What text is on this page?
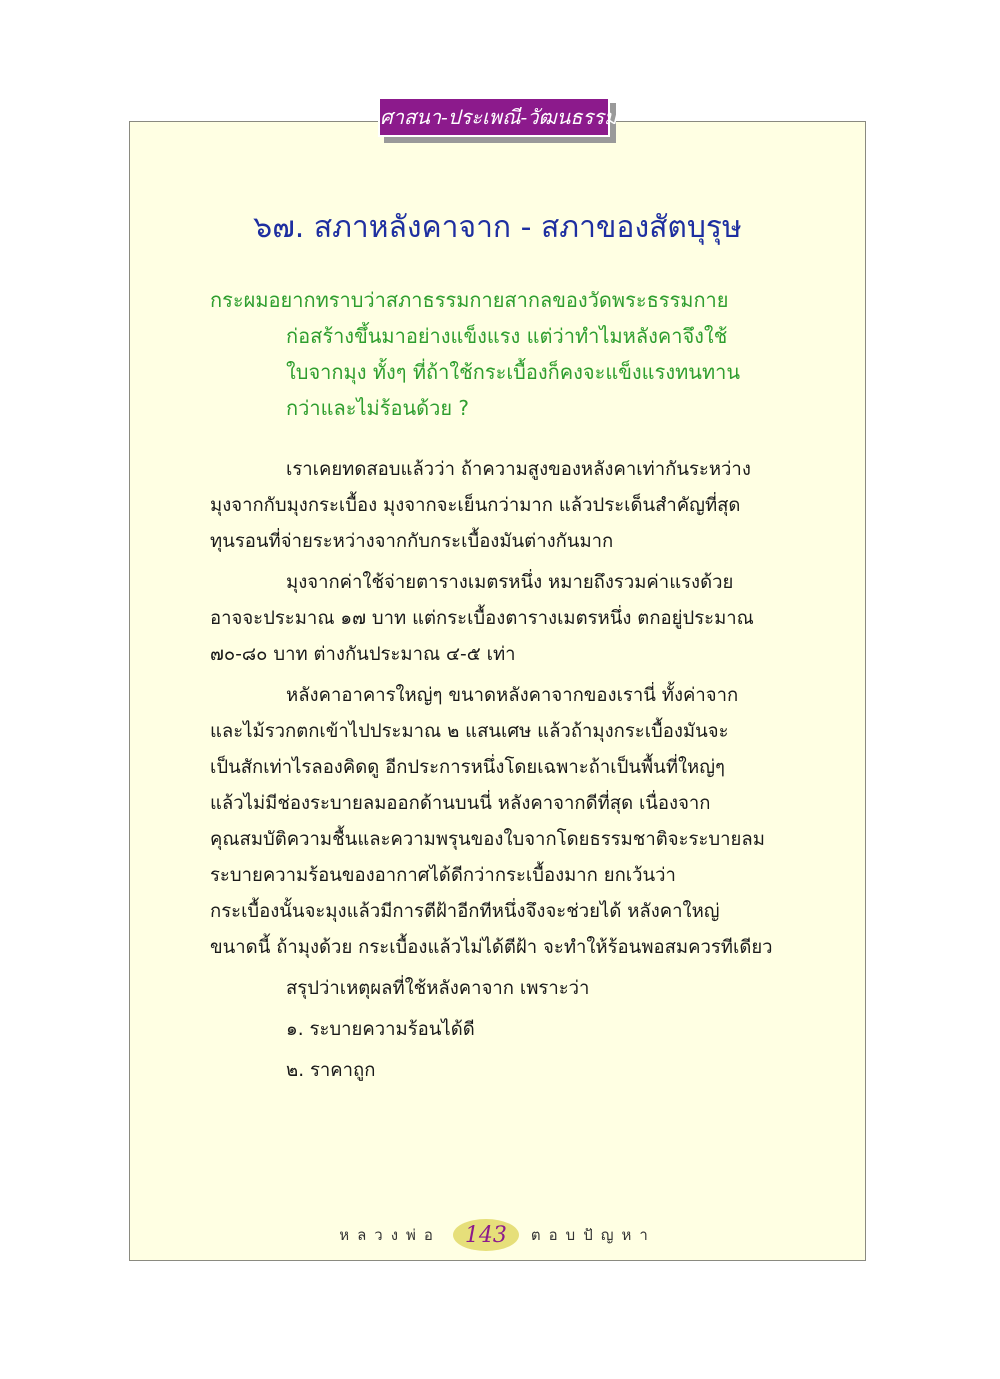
ศาสนา-ประเพณี-วัฒนธรรม
๖๗. สภาหลังคาจาก - สภาของสัตบุรุษ
กระผมอยากทราบว่าสภาธรรมกายสากลของวัดพระธรรมกาย
ก่อสร้างขึ้นมาอย่างแข็งแรง แต่ว่าทำไมหลังคาจึงใช้
ใบจากมุง ทั้งๆ ที่ถ้าใช้กระเบื้องก็คงจะแข็งแรงทนทาน
กว่าและไม่ร้อนด้วย ?
เราเคยทดสอบแล้วว่า ถ้าความสูงของหลังคาเท่ากันระหว่าง
มุงจากกับมุงกระเบื้อง มุงจากจะเย็นกว่ามาก แล้วประเด็นสำคัญที่สุด
ทุนรอนที่จ่ายระหว่างจากกับกระเบื้องมันต่างกันมาก
มุงจากค่าใช้จ่ายตารางเมตรหนึ่ง หมายถึงรวมค่าแรงด้วย
อาจจะประมาณ ๑๗ บาท แต่กระเบื้องตารางเมตรหนึ่ง ตกอยู่ประมาณ
๗๐-๘๐ บาท ต่างกันประมาณ ๔-๕ เท่า
หลังคาอาคารใหญ่ๆ ขนาดหลังคาจากของเรานี่ ทั้งค่าจาก
และไม้รวกตกเข้าไปประมาณ ๒ แสนเศษ แล้วถ้ามุงกระเบื้องมันจะ
เป็นสักเท่าไรลองคิดดู อีกประการหนึ่งโดยเฉพาะถ้าเป็นพื้นที่ใหญ่ๆ
แล้วไม่มีช่องระบายลมออกด้านบนนี่ หลังคาจากดีที่สุด เนื่องจาก
คุณสมบัติความชื้นและความพรุนของใบจากโดยธรรมชาติจะระบายลม
ระบายความร้อนของอากาศได้ดีกว่ากระเบื้องมาก ยกเว้นว่า
กระเบื้องนั้นจะมุงแล้วมีการตีฝ้าอีกทีหนึ่งจึงจะช่วยได้ หลังคาใหญ่
ขนาดนี้ ถ้ามุงด้วย กระเบื้องแล้วไม่ได้ตีฝ้า จะทำให้ร้อนพอสมควรทีเดียว
สรุปว่าเหตุผลที่ใช้หลังคาจาก เพราะว่า
๑. ระบายความร้อนได้ดี
๒. ราคาถูก
หลวงพ่อ	143	ตอบปัญหา
